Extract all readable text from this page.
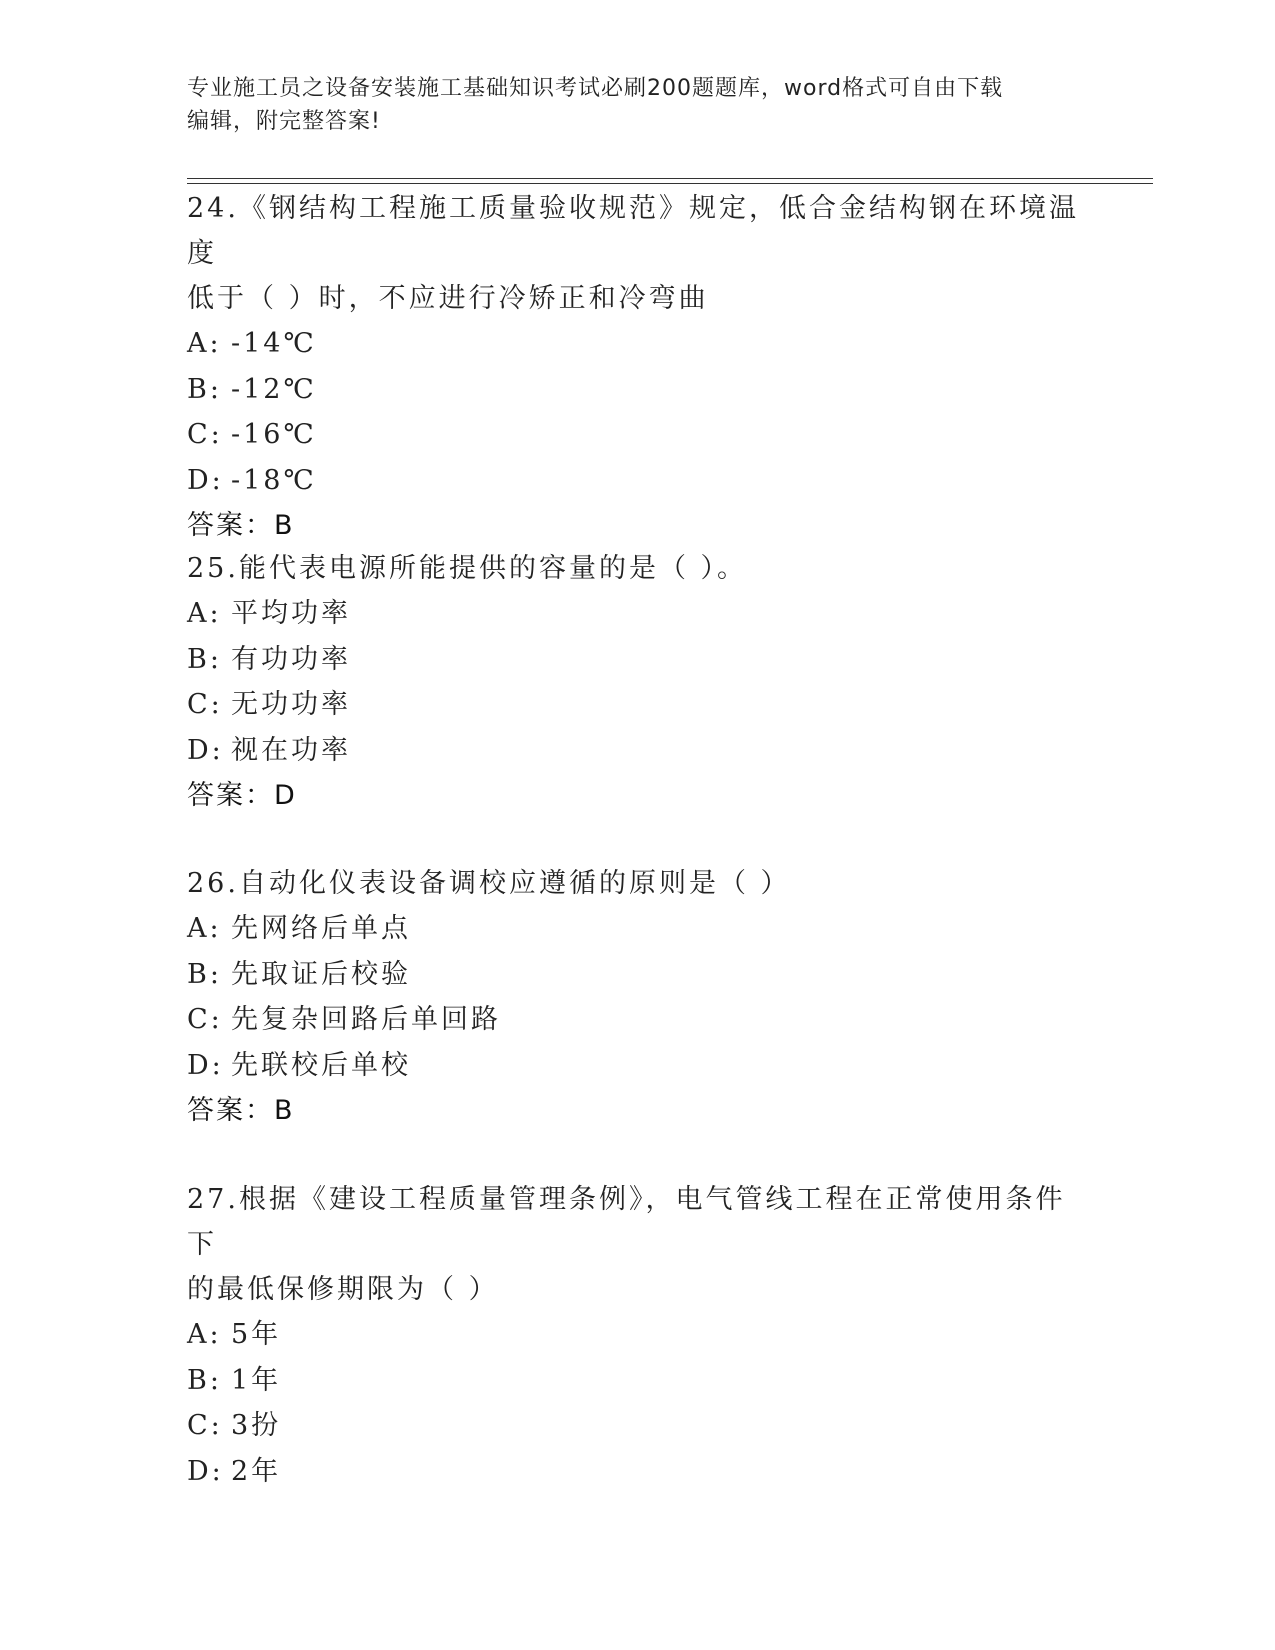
专业施工员之设备安装施工基础知识考试必刷200题题库，word格式可自由下载
编辑，附完整答案!

24.《钢结构工程施工质量验收规范》规定，低合金结构钢在环境温度

低于（ ）时，不应进行冷矫正和冷弯曲

A: -14℃

B: -12℃

C: -16℃

D: -18℃

答案：B

25.能代表电源所能提供的容量的是（ ）。

A: 平均功率

B: 有功功率

C: 无功功率

D: 视在功率

答案：D

26.自动化仪表设备调校应遵循的原则是（ ）

A: 先网络后单点

B: 先取证后校验

C: 先复杂回路后单回路

D: 先联校后单校

答案：B

27.根据《建设工程质量管理条例》，电气管线工程在正常使用条件下

的最低保修期限为（ ）

A: 5年

B: 1年

C: 3扮

D: 2年
